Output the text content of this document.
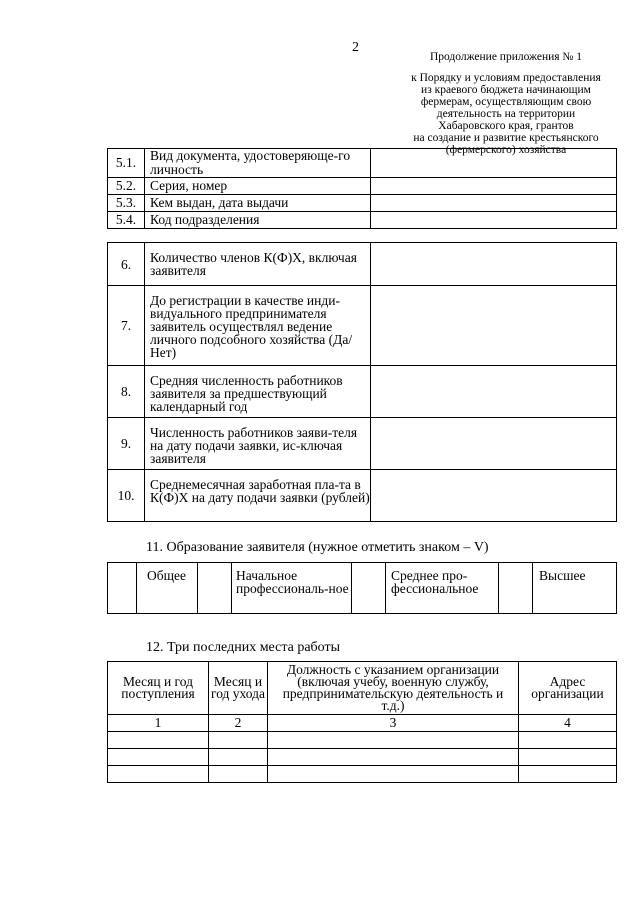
2
Продолжение приложения № 1
к Порядку и условиям предоставления
из краевого бюджета начинающим
фермерам, осуществляющим свою
деятельность на территории
Хабаровского края, грантов
на создание и развитие крестьянского
(фермерского) хозяйства
5.1.	Вид документа, удостоверяюще-го личность	
5.2.	Серия, номер	
5.3.	Кем выдан, дата выдачи	
5.4.	Код подразделения	
6.	Количество членов К(Ф)Х, включая заявителя	
7.	До регистрации в качестве инди-видуального предпринимателя заявитель осуществлял ведение личного подсобного хозяйства (Да/Нет)	
8.	Средняя численность работников заявителя за предшествующий календарный год	
9.	Численность работников заяви-теля на дату подачи заявки, ис-ключая заявителя	
10.	Среднемесячная заработная пла-та в К(Ф)Х на дату подачи заявки (рублей)	
11. Образование заявителя (нужное отметить знаком – V)
	Общее		Начальное профессиональ-ное		Среднее про-фессиональное		Высшее
12. Три последних места работы
Месяц и год поступления	Месяц и год ухода	Должность с указанием организации (включая учебу, военную службу, предпринимательскую деятельность и т.д.)	Адрес организации
1	2	3	4
